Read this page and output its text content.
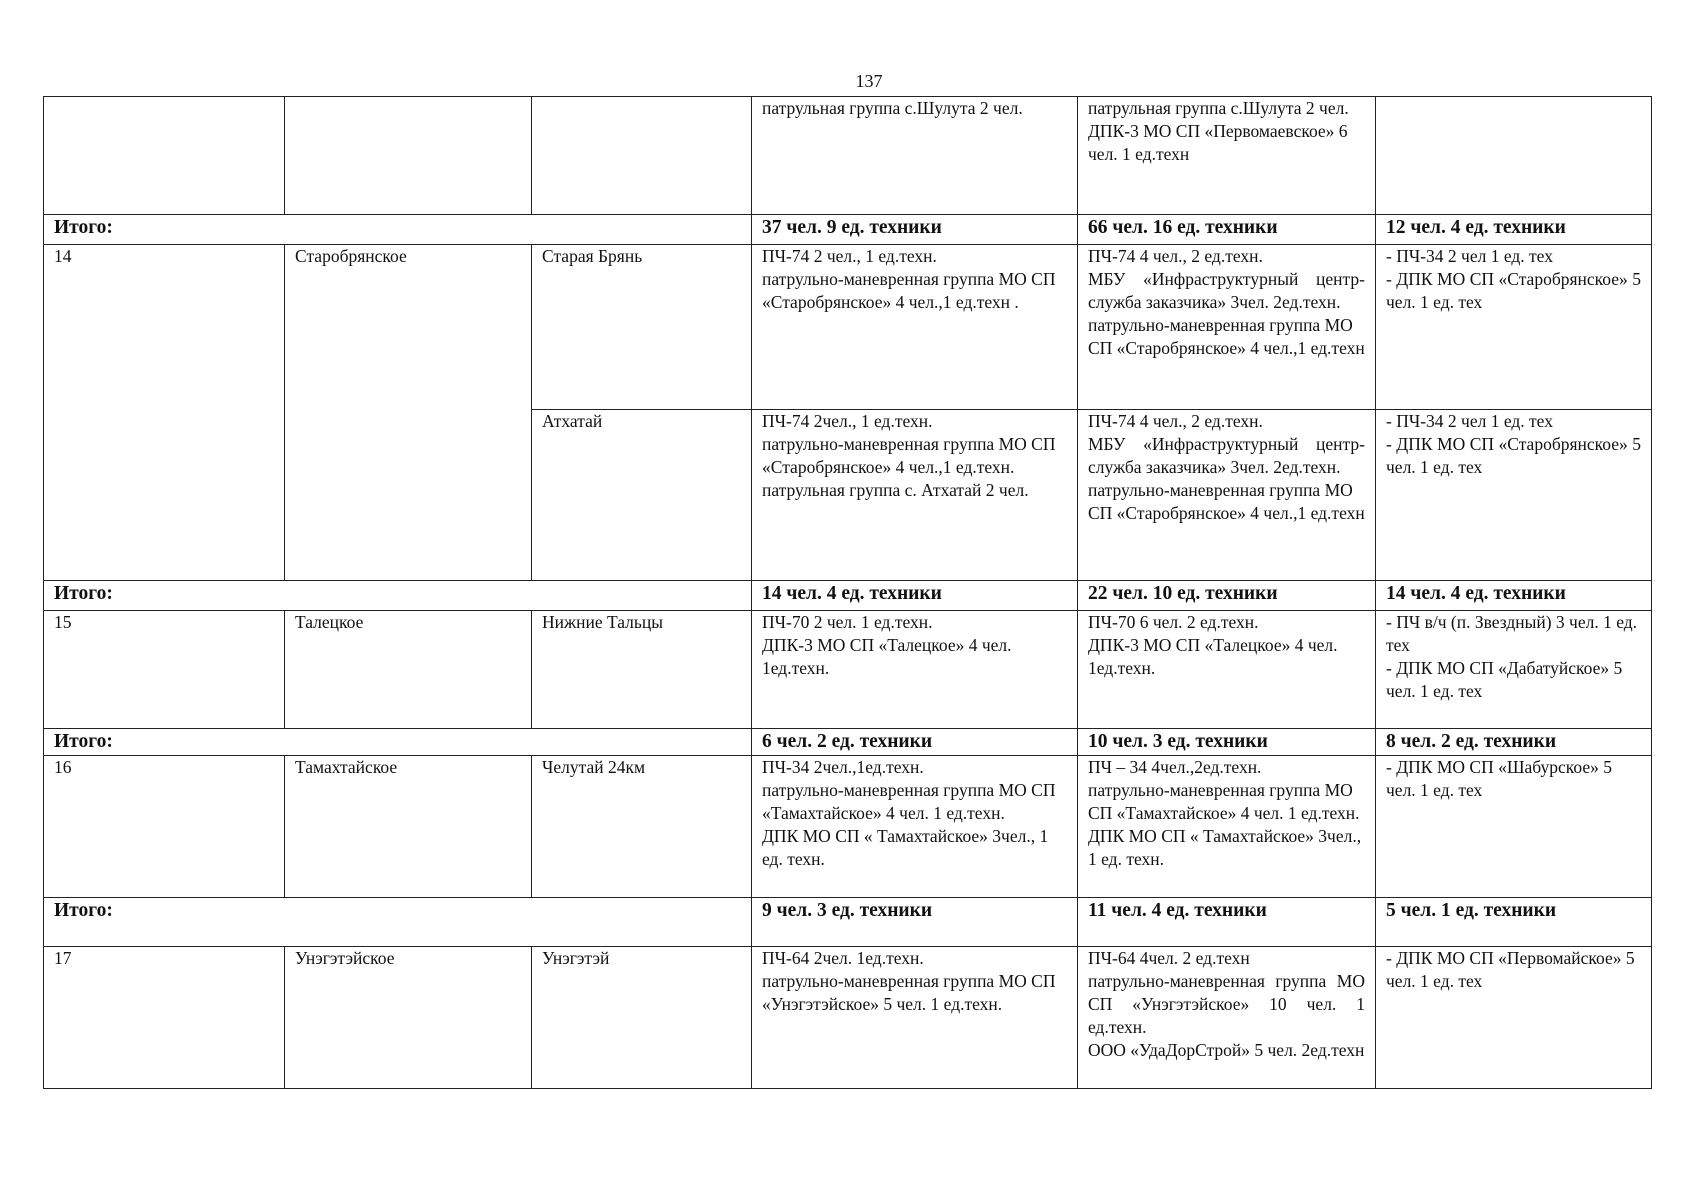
137

			патрульная группа с.Шулута 2 чел.	патрульная группа с.Шулута 2 чел.
ДПК-3 МО СП «Первомаевское» 6 чел. 1 ед.техн	

Итого:			37 чел. 9 ед. техники	66 чел. 16 ед. техники	12 чел. 4 ед. техники
14	Старобрянское	Старая Брянь	ПЧ-74 2 чел., 1 ед.техн.
патрульно-маневренная группа МО СП «Старобрянское» 4 чел.,1 ед.техн .	ПЧ-74 4 чел., 2 ед.техн.
МБУ «Инфраструктурный центр-служба заказчика» 3чел. 2ед.техн.
патрульно-маневренная группа МО СП «Старобрянское» 4 чел.,1 ед.техн	- ПЧ-34 2 чел 1 ед. тех
- ДПК МО СП «Старобрянское» 5 чел. 1 ед. тех

		Атхатай	ПЧ-74 2чел., 1 ед.техн.
патрульно-маневренная группа МО СП «Старобрянское» 4 чел.,1 ед.техн.
патрульная группа с. Атхатай 2 чел.	ПЧ-74 4 чел., 2 ед.техн.
МБУ «Инфраструктурный центр-служба заказчика» 3чел. 2ед.техн.
патрульно-маневренная группа МО СП «Старобрянское» 4 чел.,1 ед.техн	- ПЧ-34 2 чел 1 ед. тех
- ДПК МО СП «Старобрянское» 5 чел. 1 ед. тех

Итого:			14 чел. 4 ед. техники	22 чел. 10 ед. техники	14 чел. 4 ед. техники
15	Талецкое	Нижние Тальцы	ПЧ-70 2 чел. 1 ед.техн.
ДПК-3 МО СП «Талецкое» 4 чел. 1ед.техн.	ПЧ-70 6 чел. 2 ед.техн.
ДПК-3 МО СП «Талецкое» 4 чел. 1ед.техн.	- ПЧ в/ч (п. Звездный) 3 чел. 1 ед. тех
- ДПК МО СП «Дабатуйское» 5 чел. 1 ед. тех

Итого:			6 чел. 2 ед. техники	10 чел. 3 ед. техники	8 чел. 2 ед. техники
16	Тамахтайское	Челутай 24км	ПЧ-34 2чел.,1ед.техн.
патрульно-маневренная группа МО СП «Тамахтайское» 4 чел. 1 ед.техн.
ДПК МО СП « Тамахтайское» 3чел., 1 ед. техн.	ПЧ – 34 4чел.,2ед.техн.
патрульно-маневренная группа МО СП «Тамахтайское» 4 чел. 1 ед.техн.
ДПК МО СП « Тамахтайское» 3чел., 1 ед. техн.	- ДПК МО СП «Шабурское» 5 чел. 1 ед. тех

Итого:			9 чел. 3 ед. техники	11 чел. 4 ед. техники	5 чел. 1 ед. техники
17	Унэгэтэйское	Унэгэтэй	ПЧ-64 2чел. 1ед.техн.
патрульно-маневренная группа МО СП «Унэгэтэйское» 5 чел. 1 ед.техн.	ПЧ-64 4чел. 2 ед.техн
патрульно-маневренная группа МО СП «Унэгэтэйское» 10 чел. 1 ед.техн.
ООО «УдаДорСтрой» 5 чел. 2ед.техн	- ДПК МО СП «Первомайское» 5 чел. 1 ед. тех
